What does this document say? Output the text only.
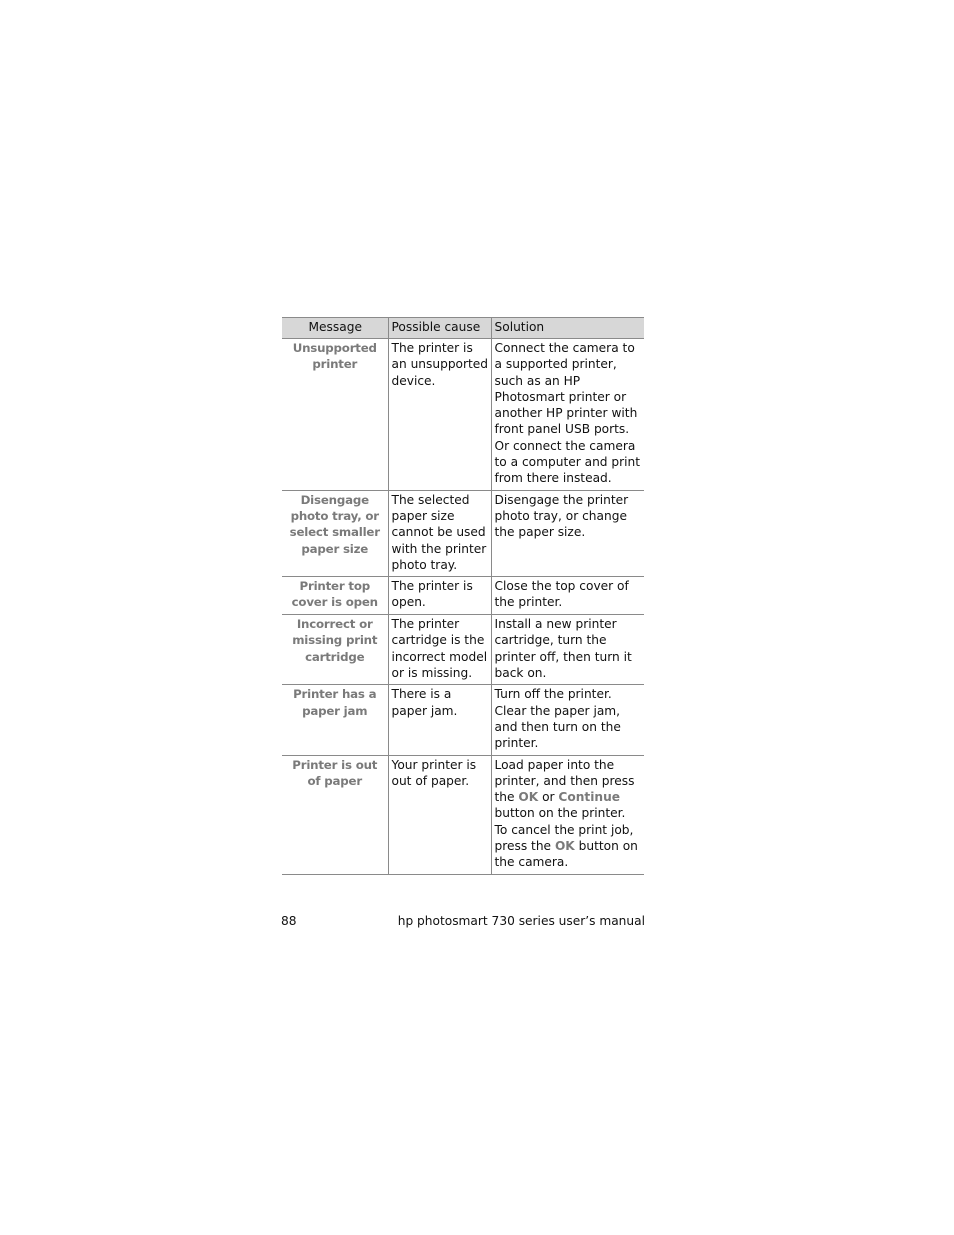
Message	Possible cause	Solution
Unsupported printer	The printer is an unsupported device.	Connect the camera to a supported printer, such as an HP Photosmart printer or another HP printer with front panel USB ports. Or connect the camera to a computer and print from there instead.
Disengage photo tray, or select smaller paper size	The selected paper size cannot be used with the printer photo tray.	Disengage the printer photo tray, or change the paper size.
Printer top cover is open	The printer is open.	Close the top cover of the printer.
Incorrect or missing print cartridge	The printer cartridge is the incorrect model or is missing.	Install a new printer cartridge, turn the printer off, then turn it back on.
Printer has a paper jam	There is a paper jam.	Turn off the printer. Clear the paper jam, and then turn on the printer.
Printer is out of paper	Your printer is out of paper.	Load paper into the printer, and then press the OK or Continue button on the printer. To cancel the print job, press the OK button on the camera.
88	hp photosmart 730 series user’s manual
